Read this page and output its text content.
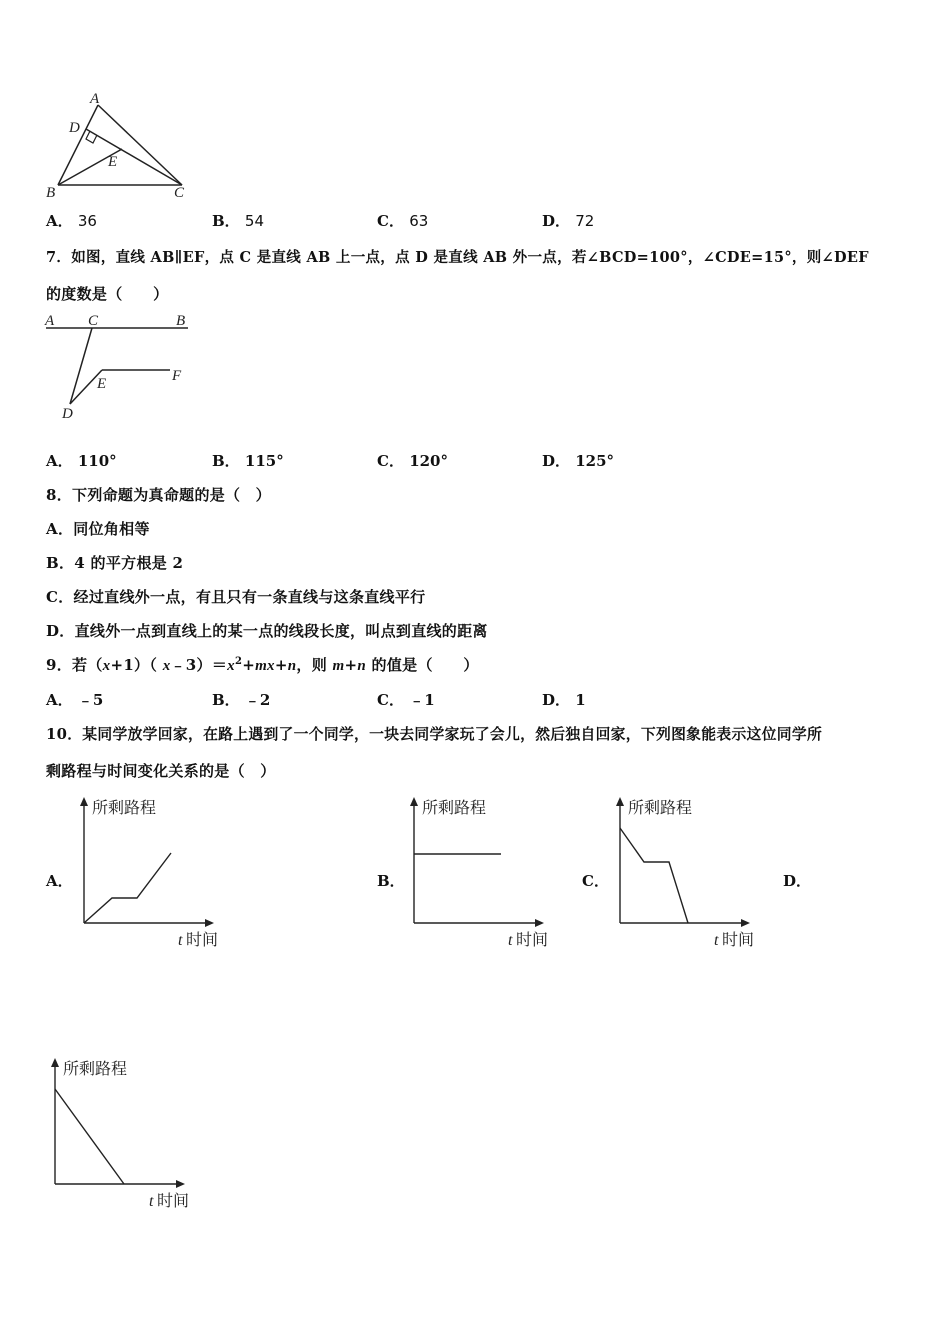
A
D
E
B	C
A． 36	B． 54	C． 63	D． 72
7．如图，直线 AB∥EF，点 C 是直线 AB 上一点，点 D 是直线 AB 外一点，若∠BCD=100°，∠CDE=15°，则∠DEF
的度数是（　　）
A C	B
E	F
D
A． 110°	B． 115°	C． 120°	D． 125°
8．下列命题为真命题的是（　）
A．同位角相等
B．4 的平方根是 2
C．经过直线外一点，有且只有一条直线与这条直线平行
D．直线外一点到直线上的某一点的线段长度，叫点到直线的距离
9．若（x+1）（ $x﹣3)=x^2+mx+n$，则 m+n 的值是（　　）
A． ﹣5	B． ﹣2	C． ﹣1	D． 1
10．某同学放学回家，在路上遇到了一个同学，一块去同学家玩了会儿，然后独自回家，下列图象能表示这位同学所
剩路程与时间变化关系的是（　）
A．	B．	C．	D．
所剩路程
t 时间
所剩路程
t 时间
所剩路程
t 时间
所剩路程
t 时间
